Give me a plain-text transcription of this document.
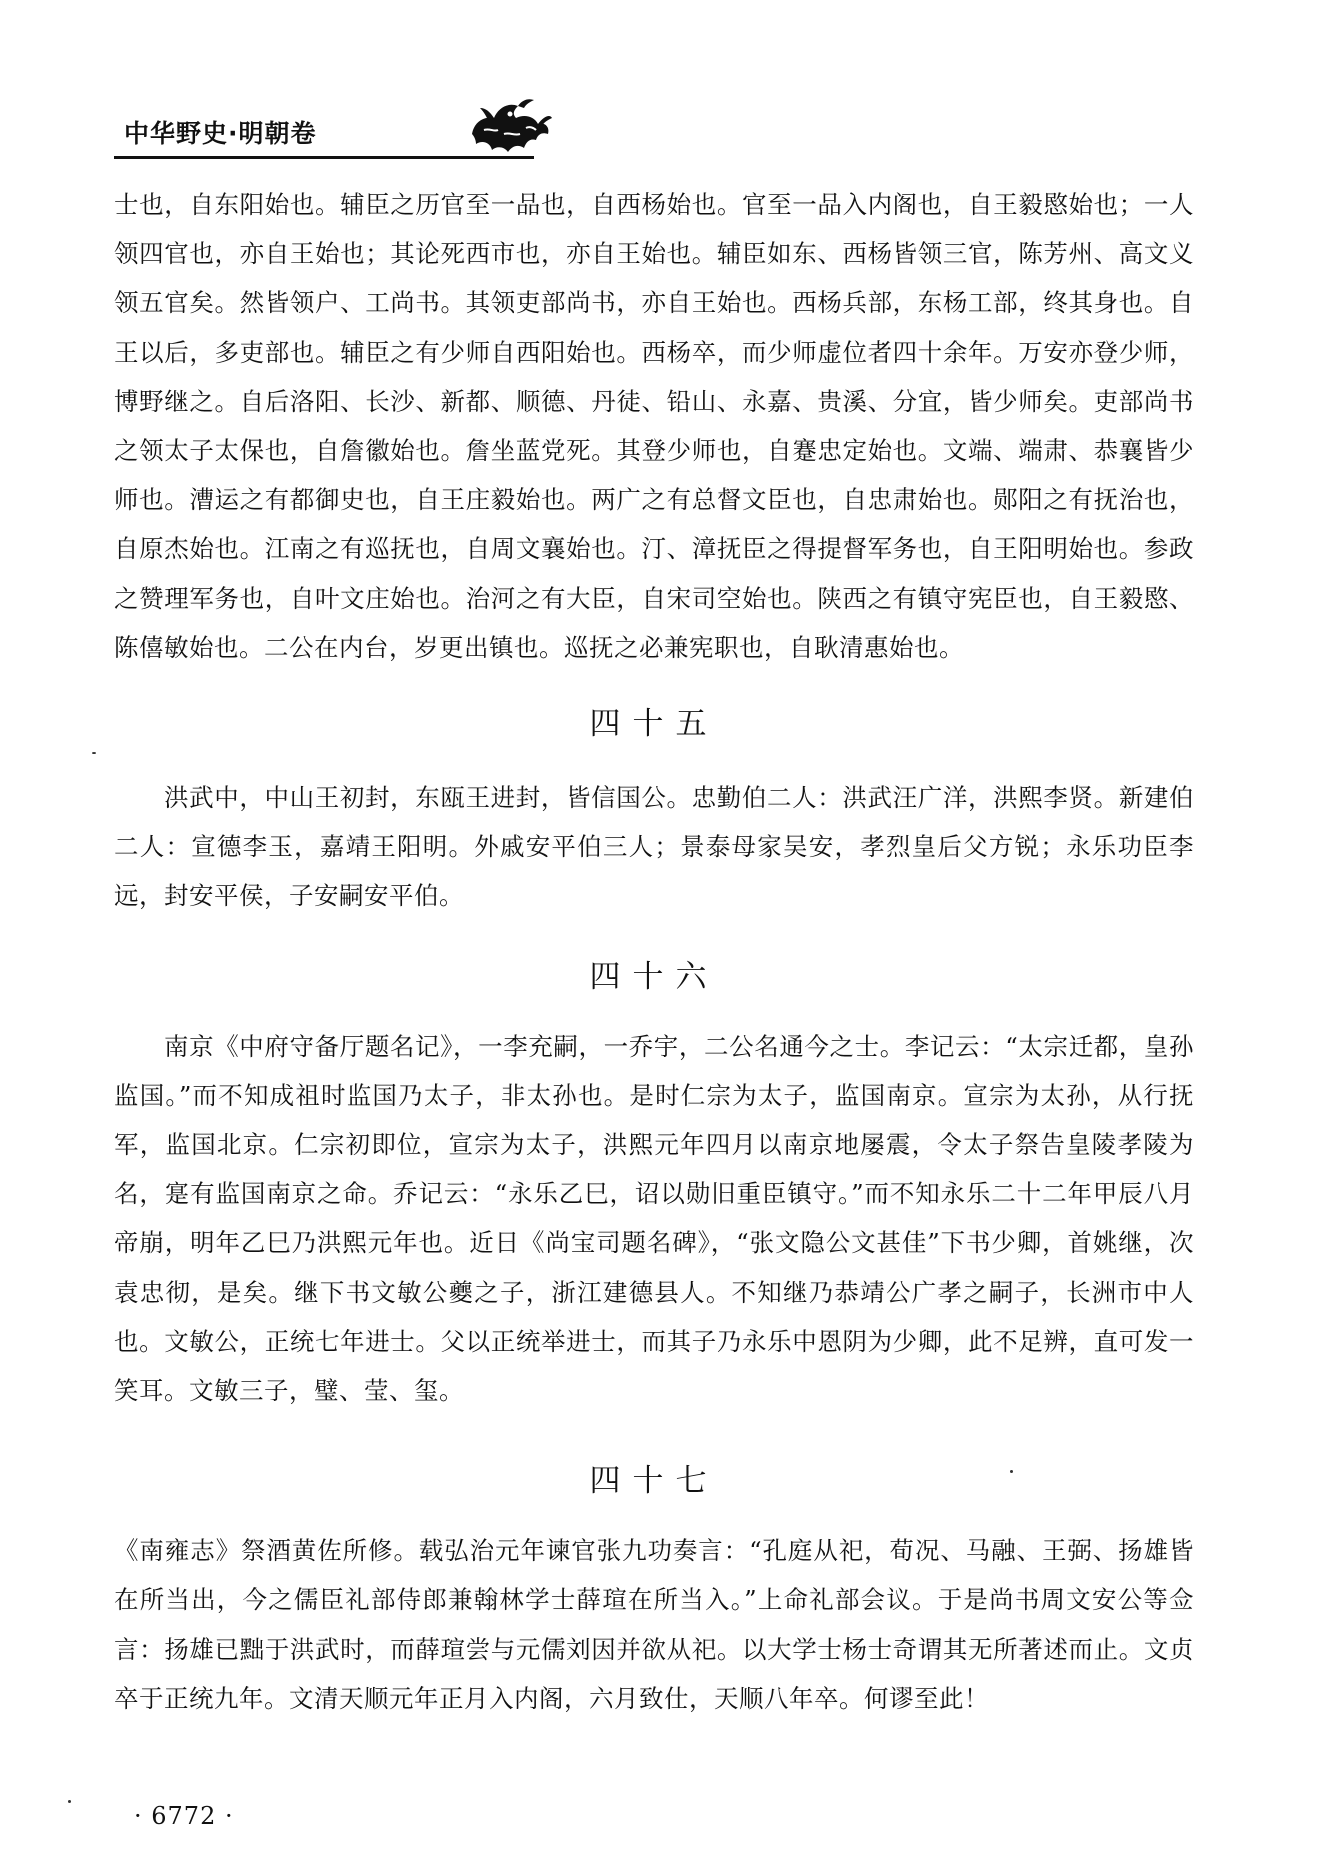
中华野史·明朝卷

士也，自东阳始也。辅臣之历官至一品也，自西杨始也。官至一品入内阁也，自王毅愍始也；一人领四官也，亦自王始也；其论死西市也，亦自王始也。辅臣如东、西杨皆领三官，陈芳州、高文义领五官矣。然皆领户、工尚书。其领吏部尚书，亦自王始也。西杨兵部，东杨工部，终其身也。自王以后，多吏部也。辅臣之有少师自西阳始也。西杨卒，而少师虚位者四十余年。万安亦登少师，博野继之。自后洛阳、长沙、新都、顺德、丹徒、铅山、永嘉、贵溪、分宜，皆少师矣。吏部尚书之领太子太保也，自詹徽始也。詹坐蓝党死。其登少师也，自蹇忠定始也。文端、端肃、恭襄皆少师也。漕运之有都御史也，自王庄毅始也。两广之有总督文臣也，自忠肃始也。郧阳之有抚治也，自原杰始也。江南之有巡抚也，自周文襄始也。汀、漳抚臣之得提督军务也，自王阳明始也。参政之赞理军务也，自叶文庄始也。治河之有大臣，自宋司空始也。陕西之有镇守宪臣也，自王毅愍、陈僖敏始也。二公在内台，岁更出镇也。巡抚之必兼宪职也，自耿清惠始也。

四十五

洪武中，中山王初封，东瓯王进封，皆信国公。忠勤伯二人：洪武汪广洋，洪熙李贤。新建伯二人：宣德李玉，嘉靖王阳明。外戚安平伯三人；景泰母家吴安，孝烈皇后父方锐；永乐功臣李远，封安平侯，子安嗣安平伯。

四十六

南京《中府守备厅题名记》，一李充嗣，一乔宇，二公名通今之士。李记云：“太宗迁都，皇孙监国。”而不知成祖时监国乃太子，非太孙也。是时仁宗为太子，监国南京。宣宗为太孙，从行抚军，监国北京。仁宗初即位，宣宗为太子，洪熙元年四月以南京地屡震，令太子祭告皇陵孝陵为名，寔有监国南京之命。乔记云：“永乐乙巳，诏以勋旧重臣镇守。”而不知永乐二十二年甲辰八月帝崩，明年乙巳乃洪熙元年也。近日《尚宝司题名碑》，“张文隐公文甚佳”下书少卿，首姚继，次袁忠彻，是矣。继下书文敏公夔之子，浙江建德县人。不知继乃恭靖公广孝之嗣子，长洲市中人也。文敏公，正统七年进士。父以正统举进士，而其子乃永乐中恩阴为少卿，此不足辨，直可发一笑耳。文敏三子，璧、莹、玺。

四十七

《南雍志》祭酒黄佐所修。载弘治元年谏官张九功奏言：“孔庭从祀，荀况、马融、王弼、扬雄皆在所当出，今之儒臣礼部侍郎兼翰林学士薛瑄在所当入。”上命礼部会议。于是尚书周文安公等佥言：扬雄已黜于洪武时，而薛瑄尝与元儒刘因并欲从祀。以大学士杨士奇谓其无所著述而止。文贞卒于正统九年。文清天顺元年正月入内阁，六月致仕，天顺八年卒。何谬至此！

· 6772 ·
